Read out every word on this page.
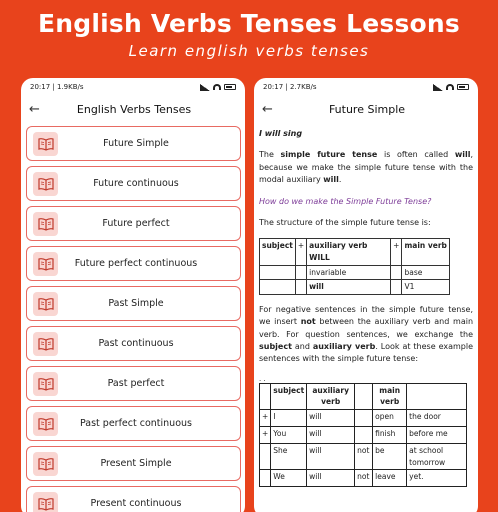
English Verbs Tenses Lessons
Learn english verbs tenses
20:17 | 1.9KB/s
←	English Verbs Tenses
Future Simple
Future continuous
Future perfect
Future perfect continuous
Past Simple
Past continuous
Past perfect
Past perfect continuous
Present Simple
Present continuous
20:17 | 2.7KB/s
←	Future Simple

I will sing

The simple future tense is often called will, because we make the simple future tense with the modal auxiliary will.

How do we make the Simple Future Tense?

The structure of the simple future tense is:

subject	+	auxiliary verb WILL	+	main verb
		invariable		base
		will		V1

For negative sentences in the simple future tense, we insert not between the auxiliary verb and main verb. For question sentences, we exchange the subject and auxiliary verb. Look at these example sentences with the simple future tense:

. .
	subject	auxiliary verb		main verb	
+	I	will		open	the door
+	You	will		finish	before me
	She	will	not	be	at school tomorrow
	We	will	not	leave	yet.
